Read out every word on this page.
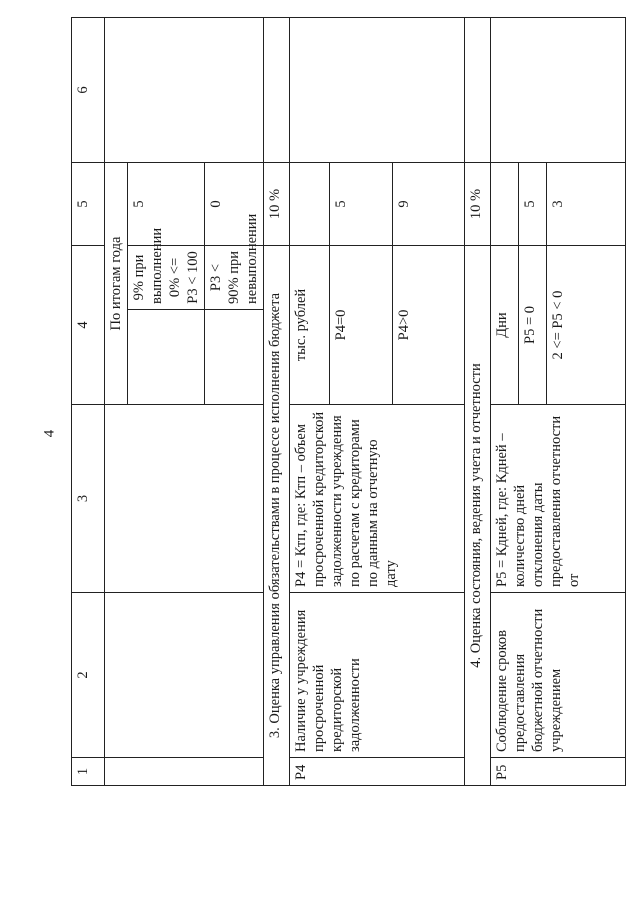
4
1	2	3	4		5	6
			По итогам года			
				9% при выполнении 0% <= Р3 < 100	5	
				Р3 < 90% при невыполнении	0	
3. Оценка управления обязательствами в процессе исполнения бюджета					10 %	
Р4	Наличие у учреждения просроченной кредиторской задолженности	Р4 = Ктп, где: Ктп – объем просроченной кредиторской задолженности учреждения по расчетам с кредиторами по данным на отчетную дату	тыс. рублей			
			Р4=0		5	
			Р4>0		9	
4. Оценка состояния, ведения учета и отчетности					10 %	
Р5	Соблюдение сроков предоставления бюджетной отчетности учреждением	Р5 = Кдней, где: Кдней – количество дней отклонения даты предоставления отчетности от	Дни			
			Р5 = 0		5	
			2 <= Р5 < 0		3	
